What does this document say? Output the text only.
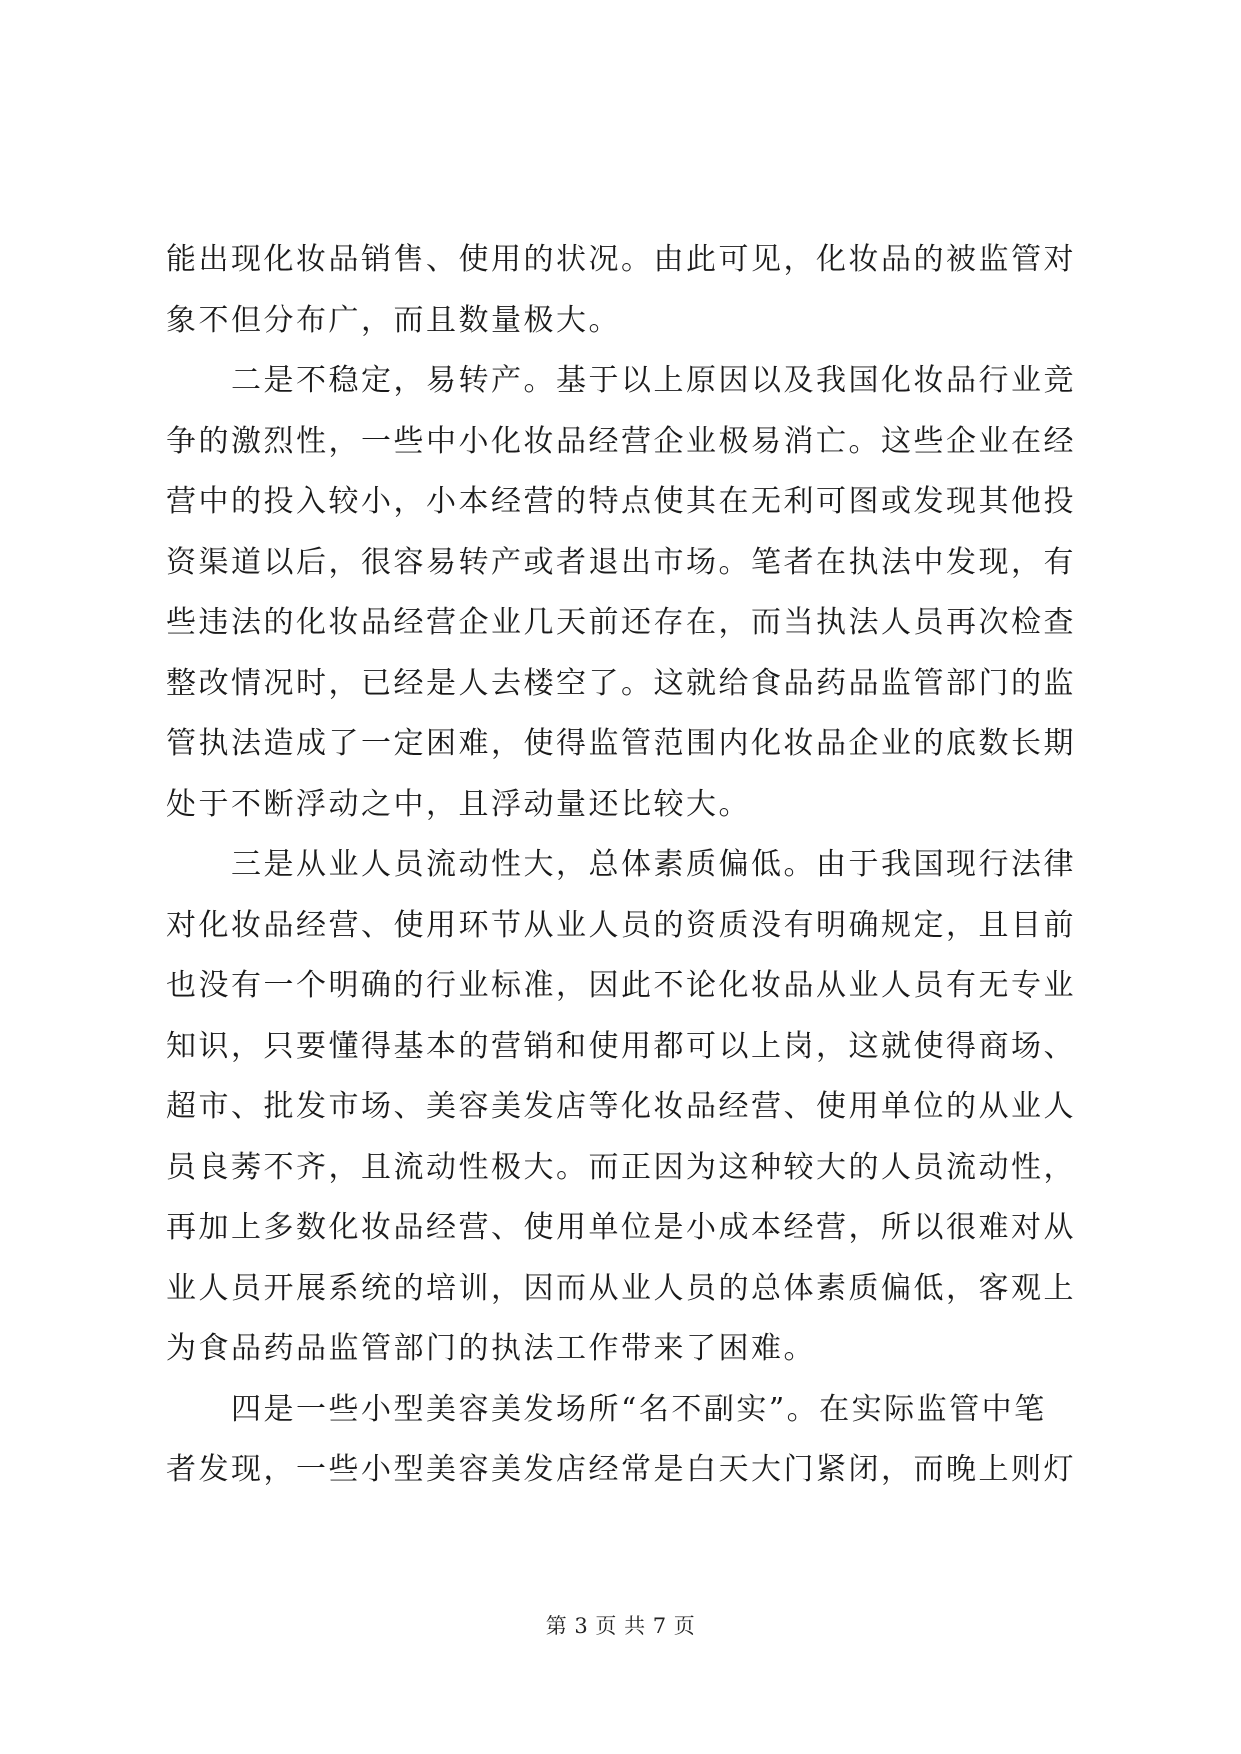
能出现化妆品销售、使用的状况。由此可见，化妆品的被监管对
象不但分布广，而且数量极大。
　　二是不稳定，易转产。基于以上原因以及我国化妆品行业竞
争的激烈性，一些中小化妆品经营企业极易消亡。这些企业在经
营中的投入较小，小本经营的特点使其在无利可图或发现其他投
资渠道以后，很容易转产或者退出市场。笔者在执法中发现，有
些违法的化妆品经营企业几天前还存在，而当执法人员再次检查
整改情况时，已经是人去楼空了。这就给食品药品监管部门的监
管执法造成了一定困难，使得监管范围内化妆品企业的底数长期
处于不断浮动之中，且浮动量还比较大。
　　三是从业人员流动性大，总体素质偏低。由于我国现行法律
对化妆品经营、使用环节从业人员的资质没有明确规定，且目前
也没有一个明确的行业标准，因此不论化妆品从业人员有无专业
知识，只要懂得基本的营销和使用都可以上岗，这就使得商场、
超市、批发市场、美容美发店等化妆品经营、使用单位的从业人
员良莠不齐，且流动性极大。而正因为这种较大的人员流动性，
再加上多数化妆品经营、使用单位是小成本经营，所以很难对从
业人员开展系统的培训，因而从业人员的总体素质偏低，客观上
为食品药品监管部门的执法工作带来了困难。
　　四是一些小型美容美发场所“名不副实”。在实际监管中笔
者发现，一些小型美容美发店经常是白天大门紧闭，而晚上则灯
第 3 页 共 7 页
